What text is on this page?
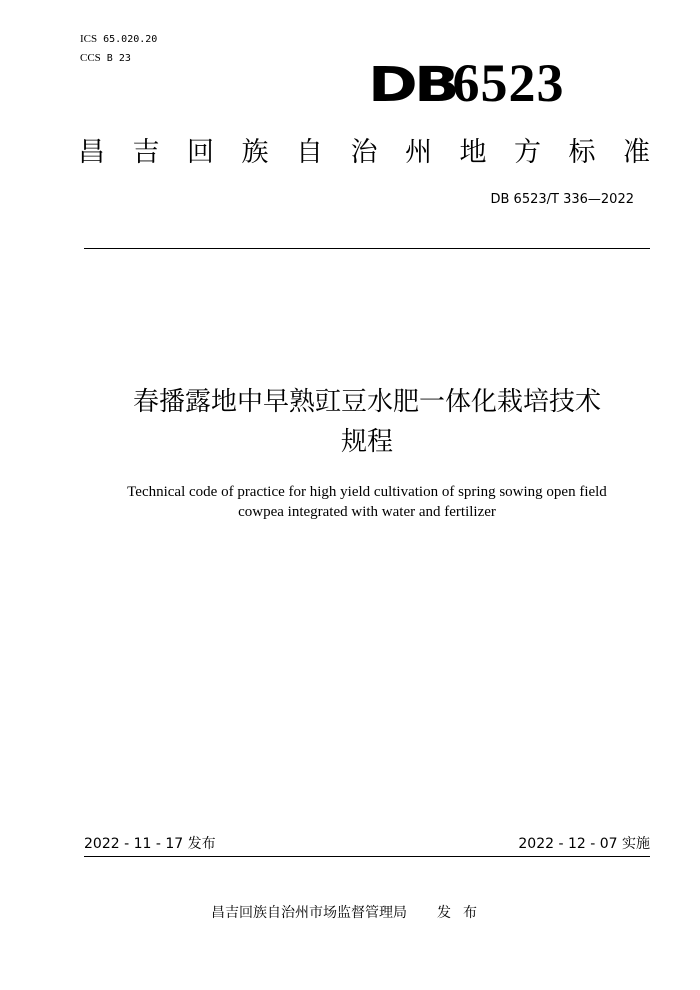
ICS 65.020.20
CCS B 23	DB6523
昌 吉 回 族 自 治 州 地 方 标 准
DB 6523/T 336—2022
春播露地中早熟豇豆水肥一体化栽培技术
规程
Technical code of practice for high yield cultivation of spring sowing open field
cowpea integrated with water and fertilizer
2022 - 11 - 17 发布	2022 - 12 - 07 实施
昌吉回族自治州市场监督管理局 发布
